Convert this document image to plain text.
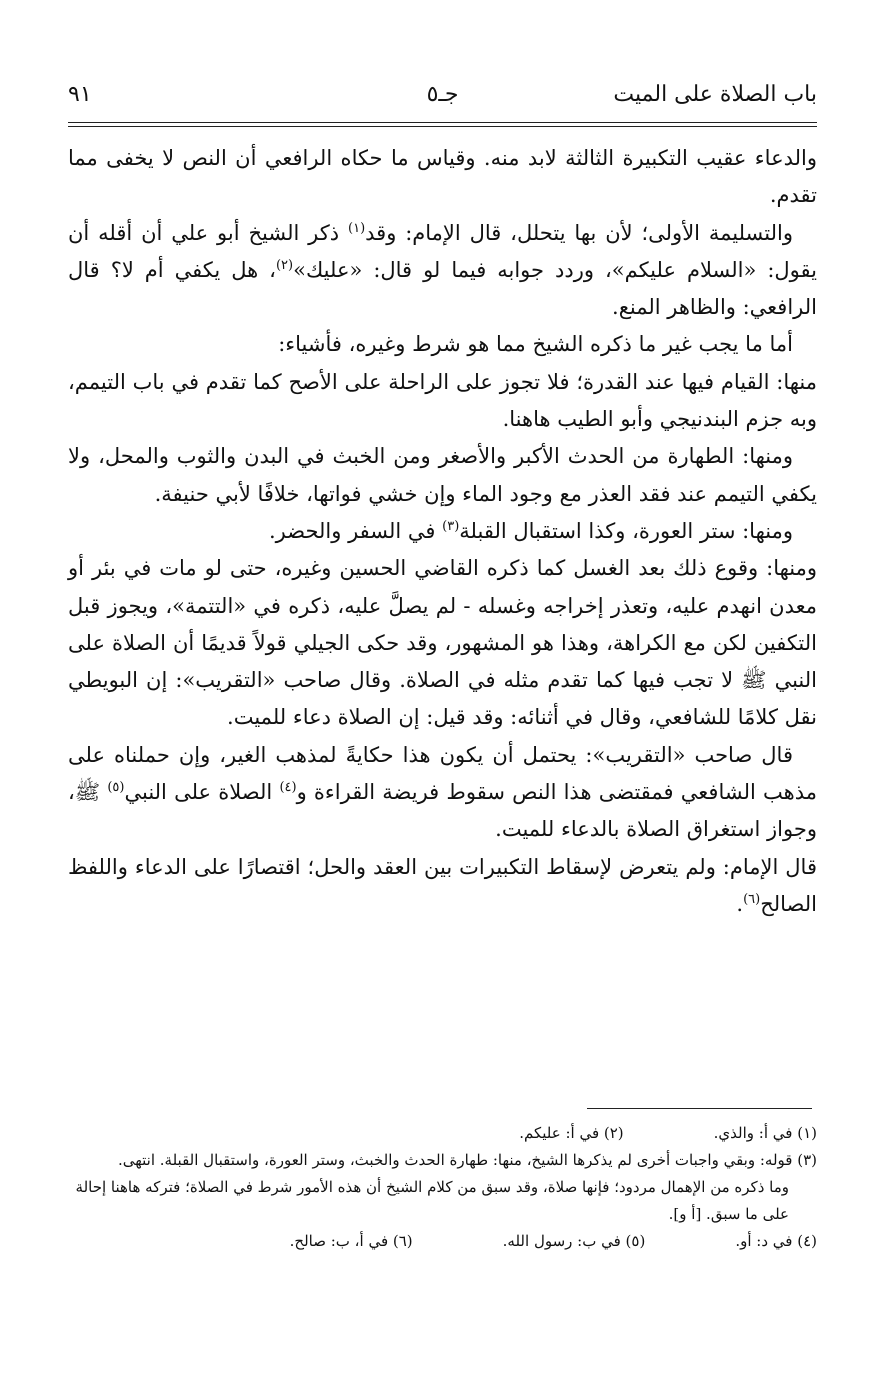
باب الصلاة على الميت
جـ٥
٩١

والدعاء عقيب التكبيرة الثالثة لابد منه. وقياس ما حكاه الرافعي أن النص لا يخفى مما تقدم.

والتسليمة الأولى؛ لأن بها يتحلل، قال الإمام: وقد$^{(١)}$ ذكر الشيخ أبو علي أن أقله أن يقول: «السلام عليكم»، وردد جوابه فيما لو قال: «عليك»$^{(٢)}$، هل يكفي أم لا؟ قال الرافعي: والظاهر المنع.

أما ما يجب غير ما ذكره الشيخ مما هو شرط وغيره، فأشياء:

منها: القيام فيها عند القدرة؛ فلا تجوز على الراحلة على الأصح كما تقدم في باب التيمم، وبه جزم البندنيجي وأبو الطيب هاهنا.

ومنها: الطهارة من الحدث الأكبر والأصغر ومن الخبث في البدن والثوب والمحل، ولا يكفي التيمم عند فقد العذر مع وجود الماء وإن خشي فواتها، خلافًا لأبي حنيفة.

ومنها: ستر العورة، وكذا استقبال القبلة$^{(٣)}$ في السفر والحضر.

ومنها: وقوع ذلك بعد الغسل كما ذكره القاضي الحسين وغيره، حتى لو مات في بئر أو معدن انهدم عليه، وتعذر إخراجه وغسله - لم يصلَّ عليه، ذكره في «التتمة»، ويجوز قبل التكفين لكن مع الكراهة، وهذا هو المشهور، وقد حكى الجيلي قولاً قديمًا أن الصلاة على النبي ﷺ لا تجب فيها كما تقدم مثله في الصلاة. وقال صاحب «التقريب»: إن البويطي نقل كلامًا للشافعي، وقال في أثنائه: وقد قيل: إن الصلاة دعاء للميت.

قال صاحب «التقريب»: يحتمل أن يكون هذا حكايةً لمذهب الغير، وإن حملناه على مذهب الشافعي فمقتضى هذا النص سقوط فريضة القراءة و$^{(٤)}$ الصلاة على النبي$^{(٥)}$ ﷺ، وجواز استغراق الصلاة بالدعاء للميت.

قال الإمام: ولم يتعرض لإسقاط التكبيرات بين العقد والحل؛ اقتصارًا على الدعاء واللفظ الصالح$^{(٦)}$.

(١) في أ: والذي.

(٢) في أ: عليكم.

(٣) قوله: وبقي واجبات أخرى لم يذكرها الشيخ، منها: طهارة الحدث والخبث، وستر العورة، واستقبال القبلة. انتهى.

وما ذكره من الإهمال مردود؛ فإنها صلاة، وقد سبق من كلام الشيخ أن هذه الأمور شرط في الصلاة؛ فتركه هاهنا إحالة على ما سبق. [أ و].

(٤) في د: أو.

(٥) في ب: رسول الله.

(٦) في أ، ب: صالح.
